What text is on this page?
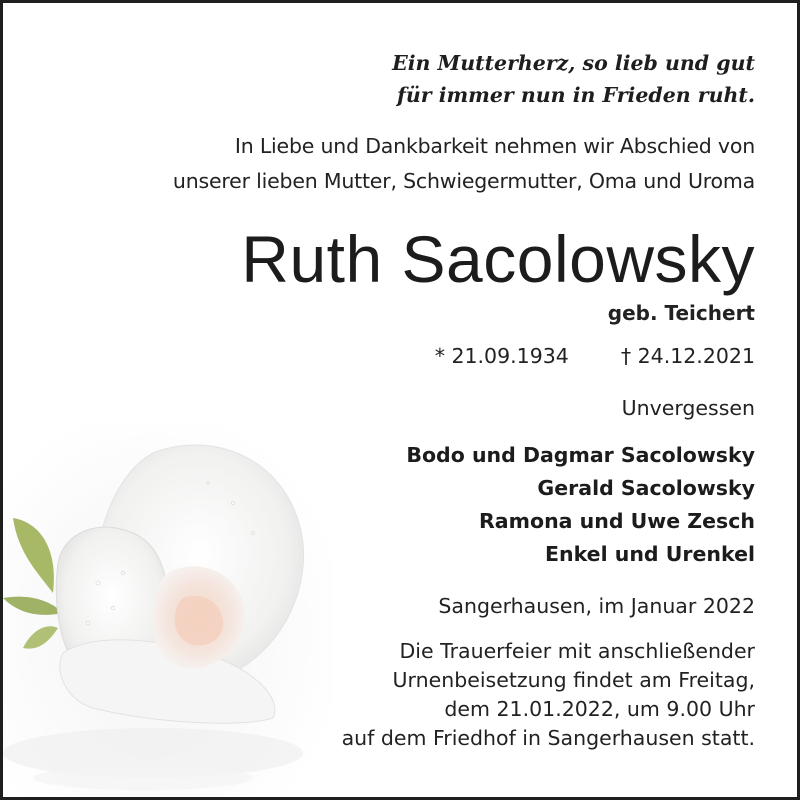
Ein Mutterherz, so lieb und gut

für immer nun in Frieden ruht.

In Liebe und Dankbarkeit nehmen wir Abschied von

unserer lieben Mutter, Schwiegermutter, Oma und Uroma

Ruth Sacolowsky

geb. Teichert

* 21.09.1934	† 24.12.2021

Unvergessen

Bodo und Dagmar Sacolowsky
Gerald Sacolowsky
Ramona und Uwe Zesch
Enkel und Urenkel

Sangerhausen, im Januar 2022

Die Trauerfeier mit anschließender
Urnenbeisetzung findet am Freitag,
dem 21.01.2022, um 9.00 Uhr
auf dem Friedhof in Sangerhausen statt.
